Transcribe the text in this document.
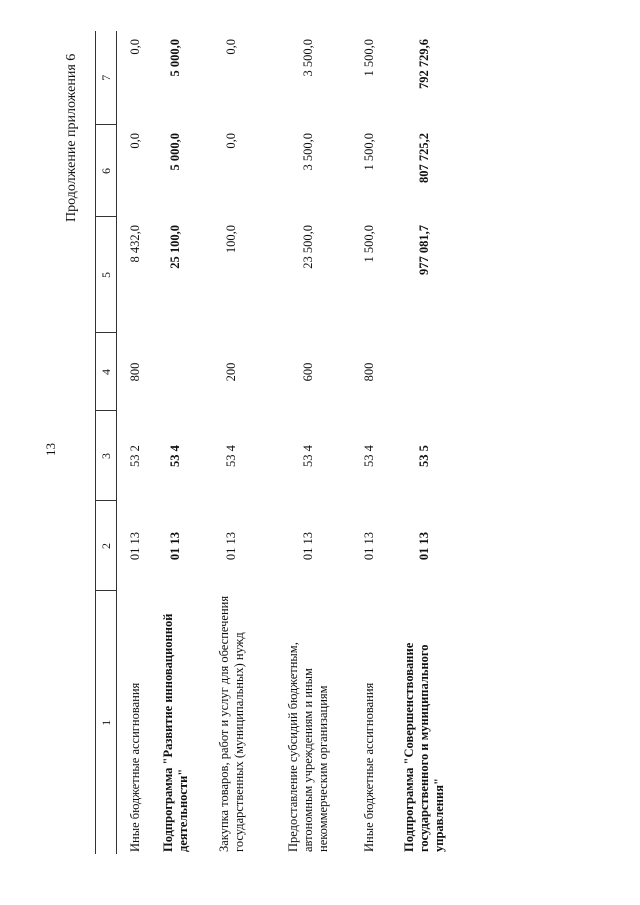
13
Продолжение приложения 6
1	2	3	4	5	6	7
Иные бюджетные ассигнования	01 13	53 2	800	8 432,0	0,0	0,0
Подпрограмма "Развитие инновационной деятельности"	01 13	53 4		25 100,0	5 000,0	5 000,0
Закупка товаров, работ и услуг для обеспечения государственных (муниципальных) нужд	01 13	53 4	200	100,0	0,0	0,0
Предоставление субсидий бюджетным, автономным учреждениям и иным некоммерческим организациям	01 13	53 4	600	23 500,0	3 500,0	3 500,0
Иные бюджетные ассигнования	01 13	53 4	800	1 500,0	1 500,0	1 500,0
Подпрограмма "Совершенствование государственного и муниципального управления"	01 13	53 5		977 081,7	807 725,2	792 729,6
